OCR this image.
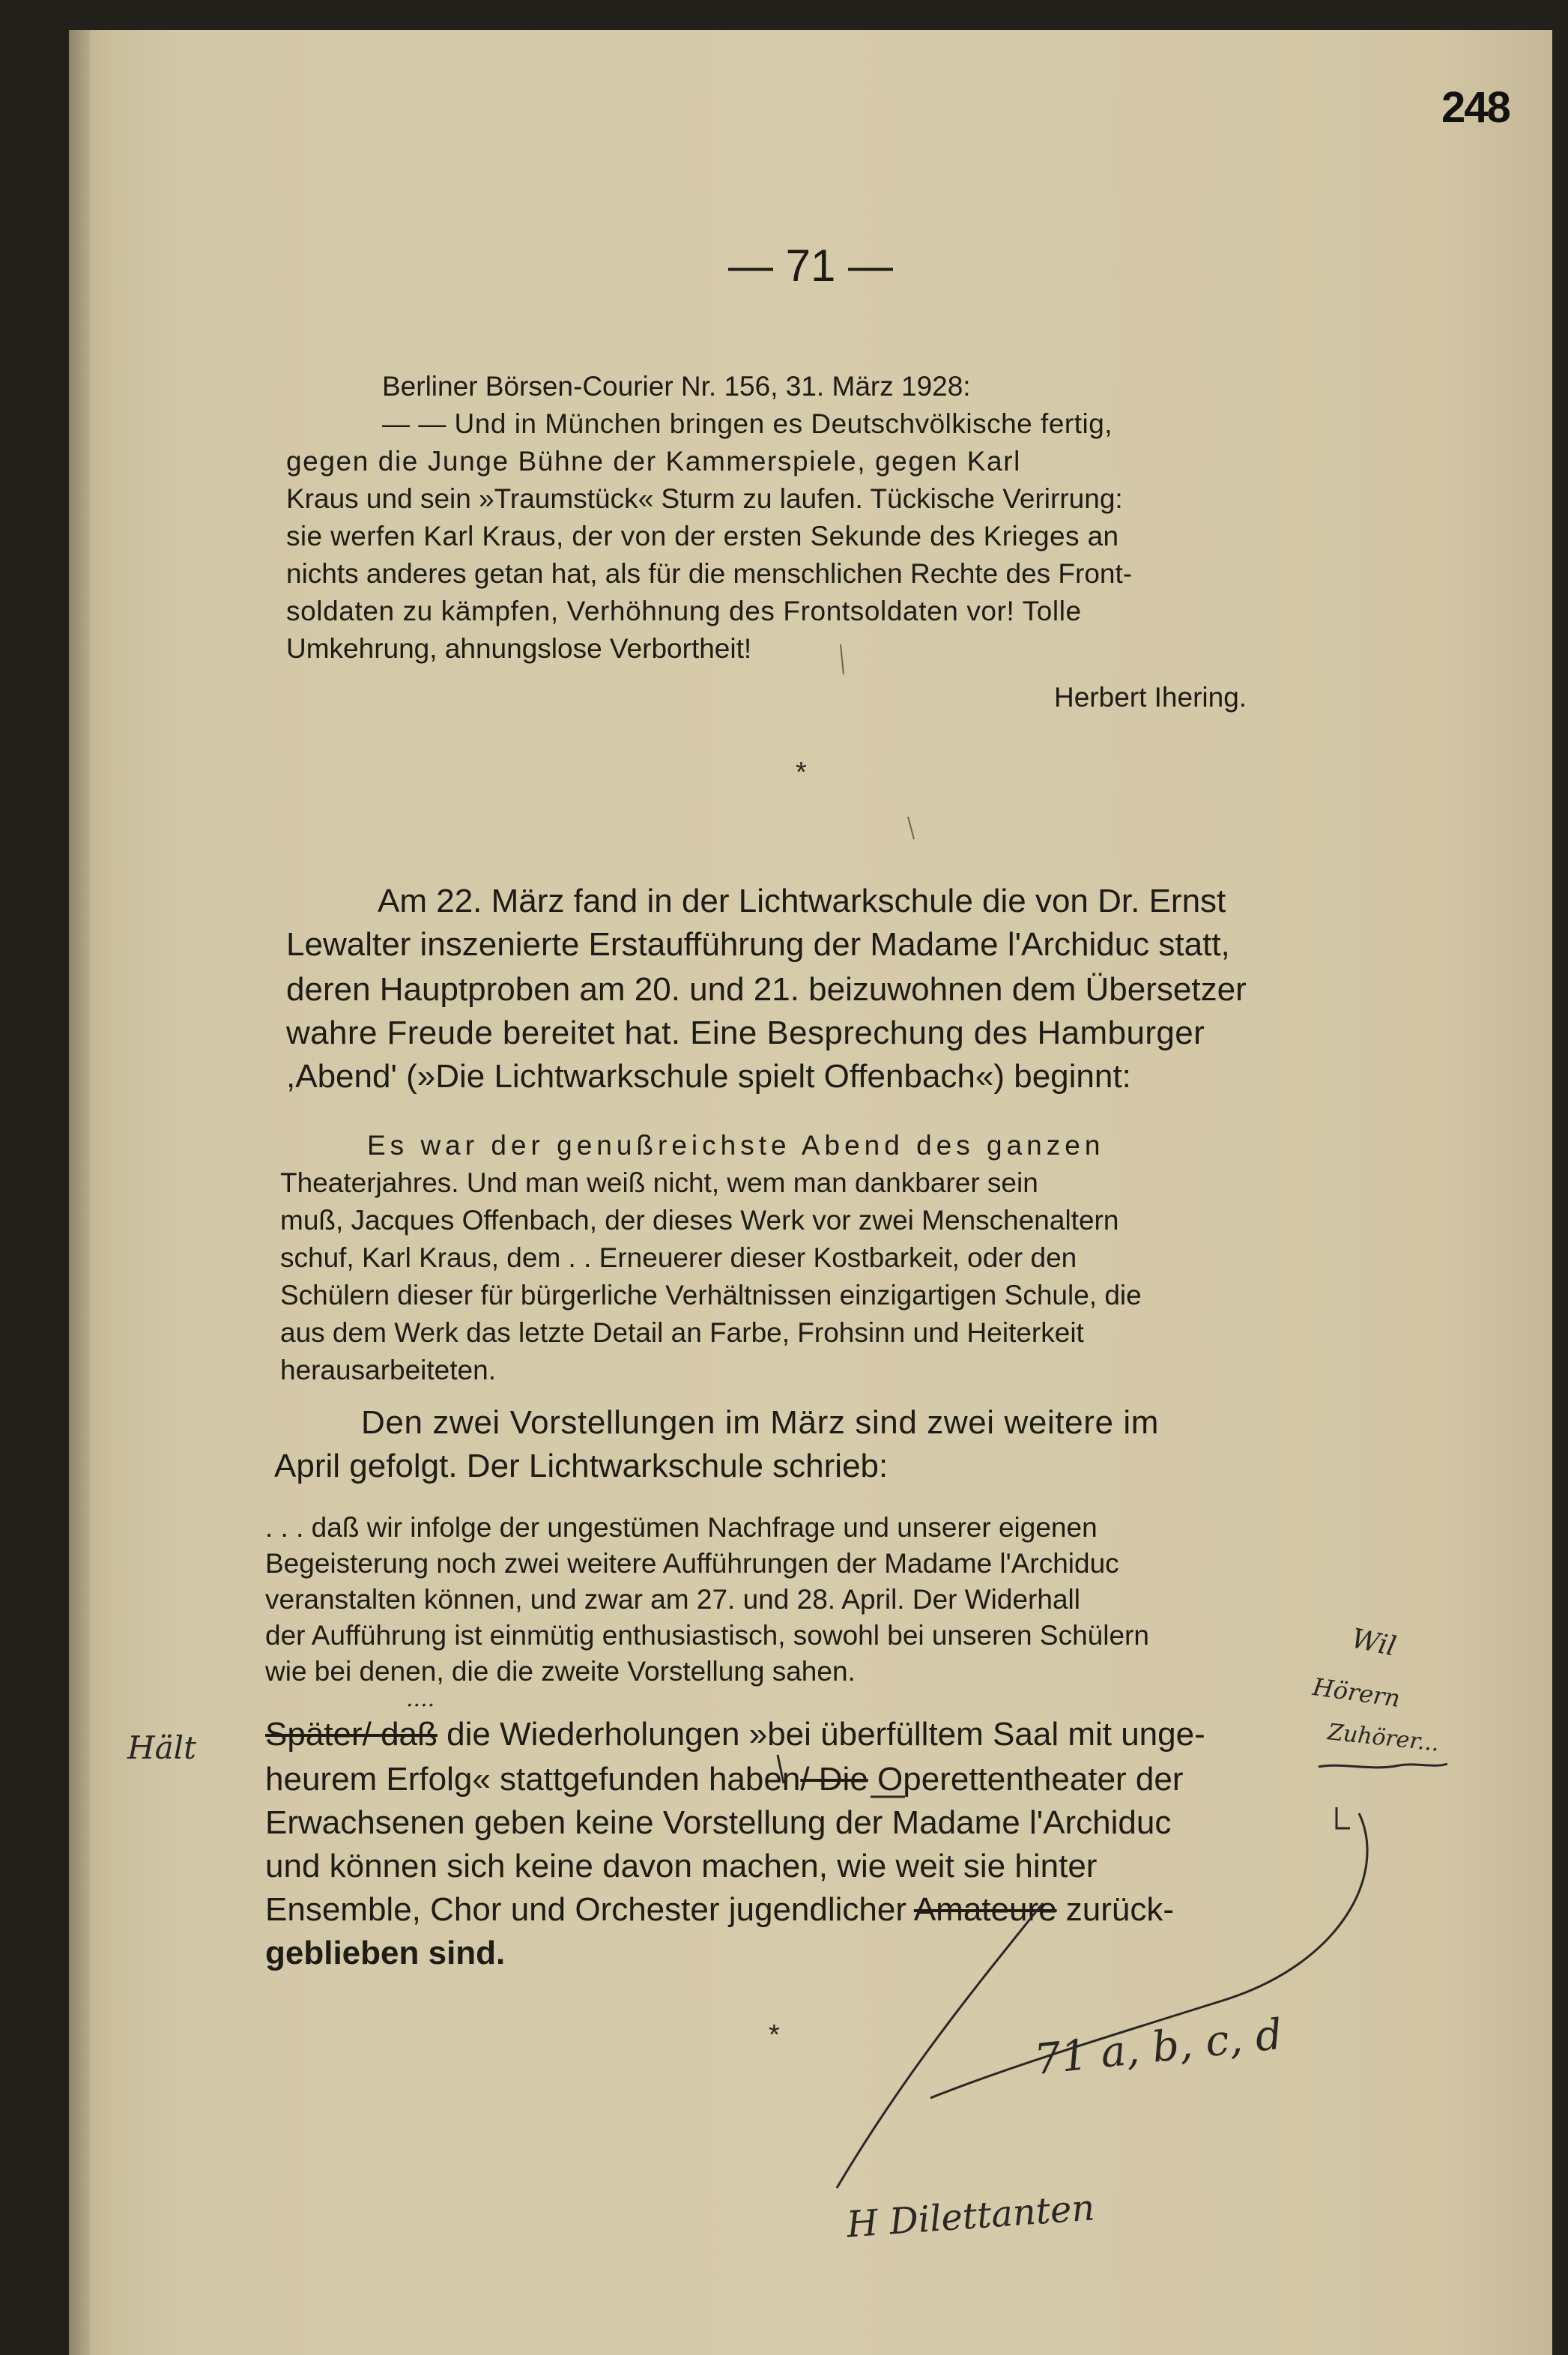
248
— 71 —
Berliner Börsen-Courier Nr. 156, 31. März 1928:
— — Und in München bringen es Deutschvölkische fertig,
gegen die Junge Bühne der Kammerspiele, gegen Karl
Kraus und sein »Traumstück« Sturm zu laufen. Tückische Verirrung:
sie werfen Karl Kraus, der von der ersten Sekunde des Krieges an
nichts anderes getan hat, als für die menschlichen Rechte des Front-
soldaten zu kämpfen, Verhöhnung des Frontsoldaten vor! Tolle
Umkehrung, ahnungslose Verbortheit!
Herbert Ihering.
*
Am 22. März fand in der Lichtwarkschule die von Dr. Ernst
Lewalter inszenierte Erstaufführung der Madame l'Archiduc statt,
deren Hauptproben am 20. und 21. beizuwohnen dem Übersetzer
wahre Freude bereitet hat. Eine Besprechung des Hamburger
,Abend' (»Die Lichtwarkschule spielt Offenbach«) beginnt:
Es war der genußreichste Abend des ganzen
Theaterjahres. Und man weiß nicht, wem man dankbarer sein
muß, Jacques Offenbach, der dieses Werk vor zwei Menschenaltern
schuf, Karl Kraus, dem . . Erneuerer dieser Kostbarkeit, oder den
Schülern dieser für bürgerliche Verhältnissen einzigartigen Schule, die
aus dem Werk das letzte Detail an Farbe, Frohsinn und Heiterkeit
herausarbeiteten.
Den zwei Vorstellungen im März sind zwei weitere im
April gefolgt. Der Lichtwarkschule schrieb:
. . . daß wir infolge der ungestümen Nachfrage und unserer eigenen
Begeisterung noch zwei weitere Aufführungen der Madame l'Archiduc
veranstalten können, und zwar am 27. und 28. April. Der Widerhall
der Aufführung ist einmütig enthusiastisch, sowohl bei unseren Schülern
wie bei denen, die die zweite Vorstellung sahen.
Später/ daß die Wiederholungen »bei überfülltem Saal mit unge-
heurem Erfolg« stattgefunden haben/ Die Operettentheater der
Erwachsenen geben keine Vorstellung der Madame l'Archiduc
und können sich keine davon machen, wie weit sie hinter
Ensemble, Chor und Orchester jugendlicher Amateure zurück-
geblieben sind.
*
Hält
Wil
Hörern
Zuhörer...
71 a, b, c, d
H Dilettanten
....
